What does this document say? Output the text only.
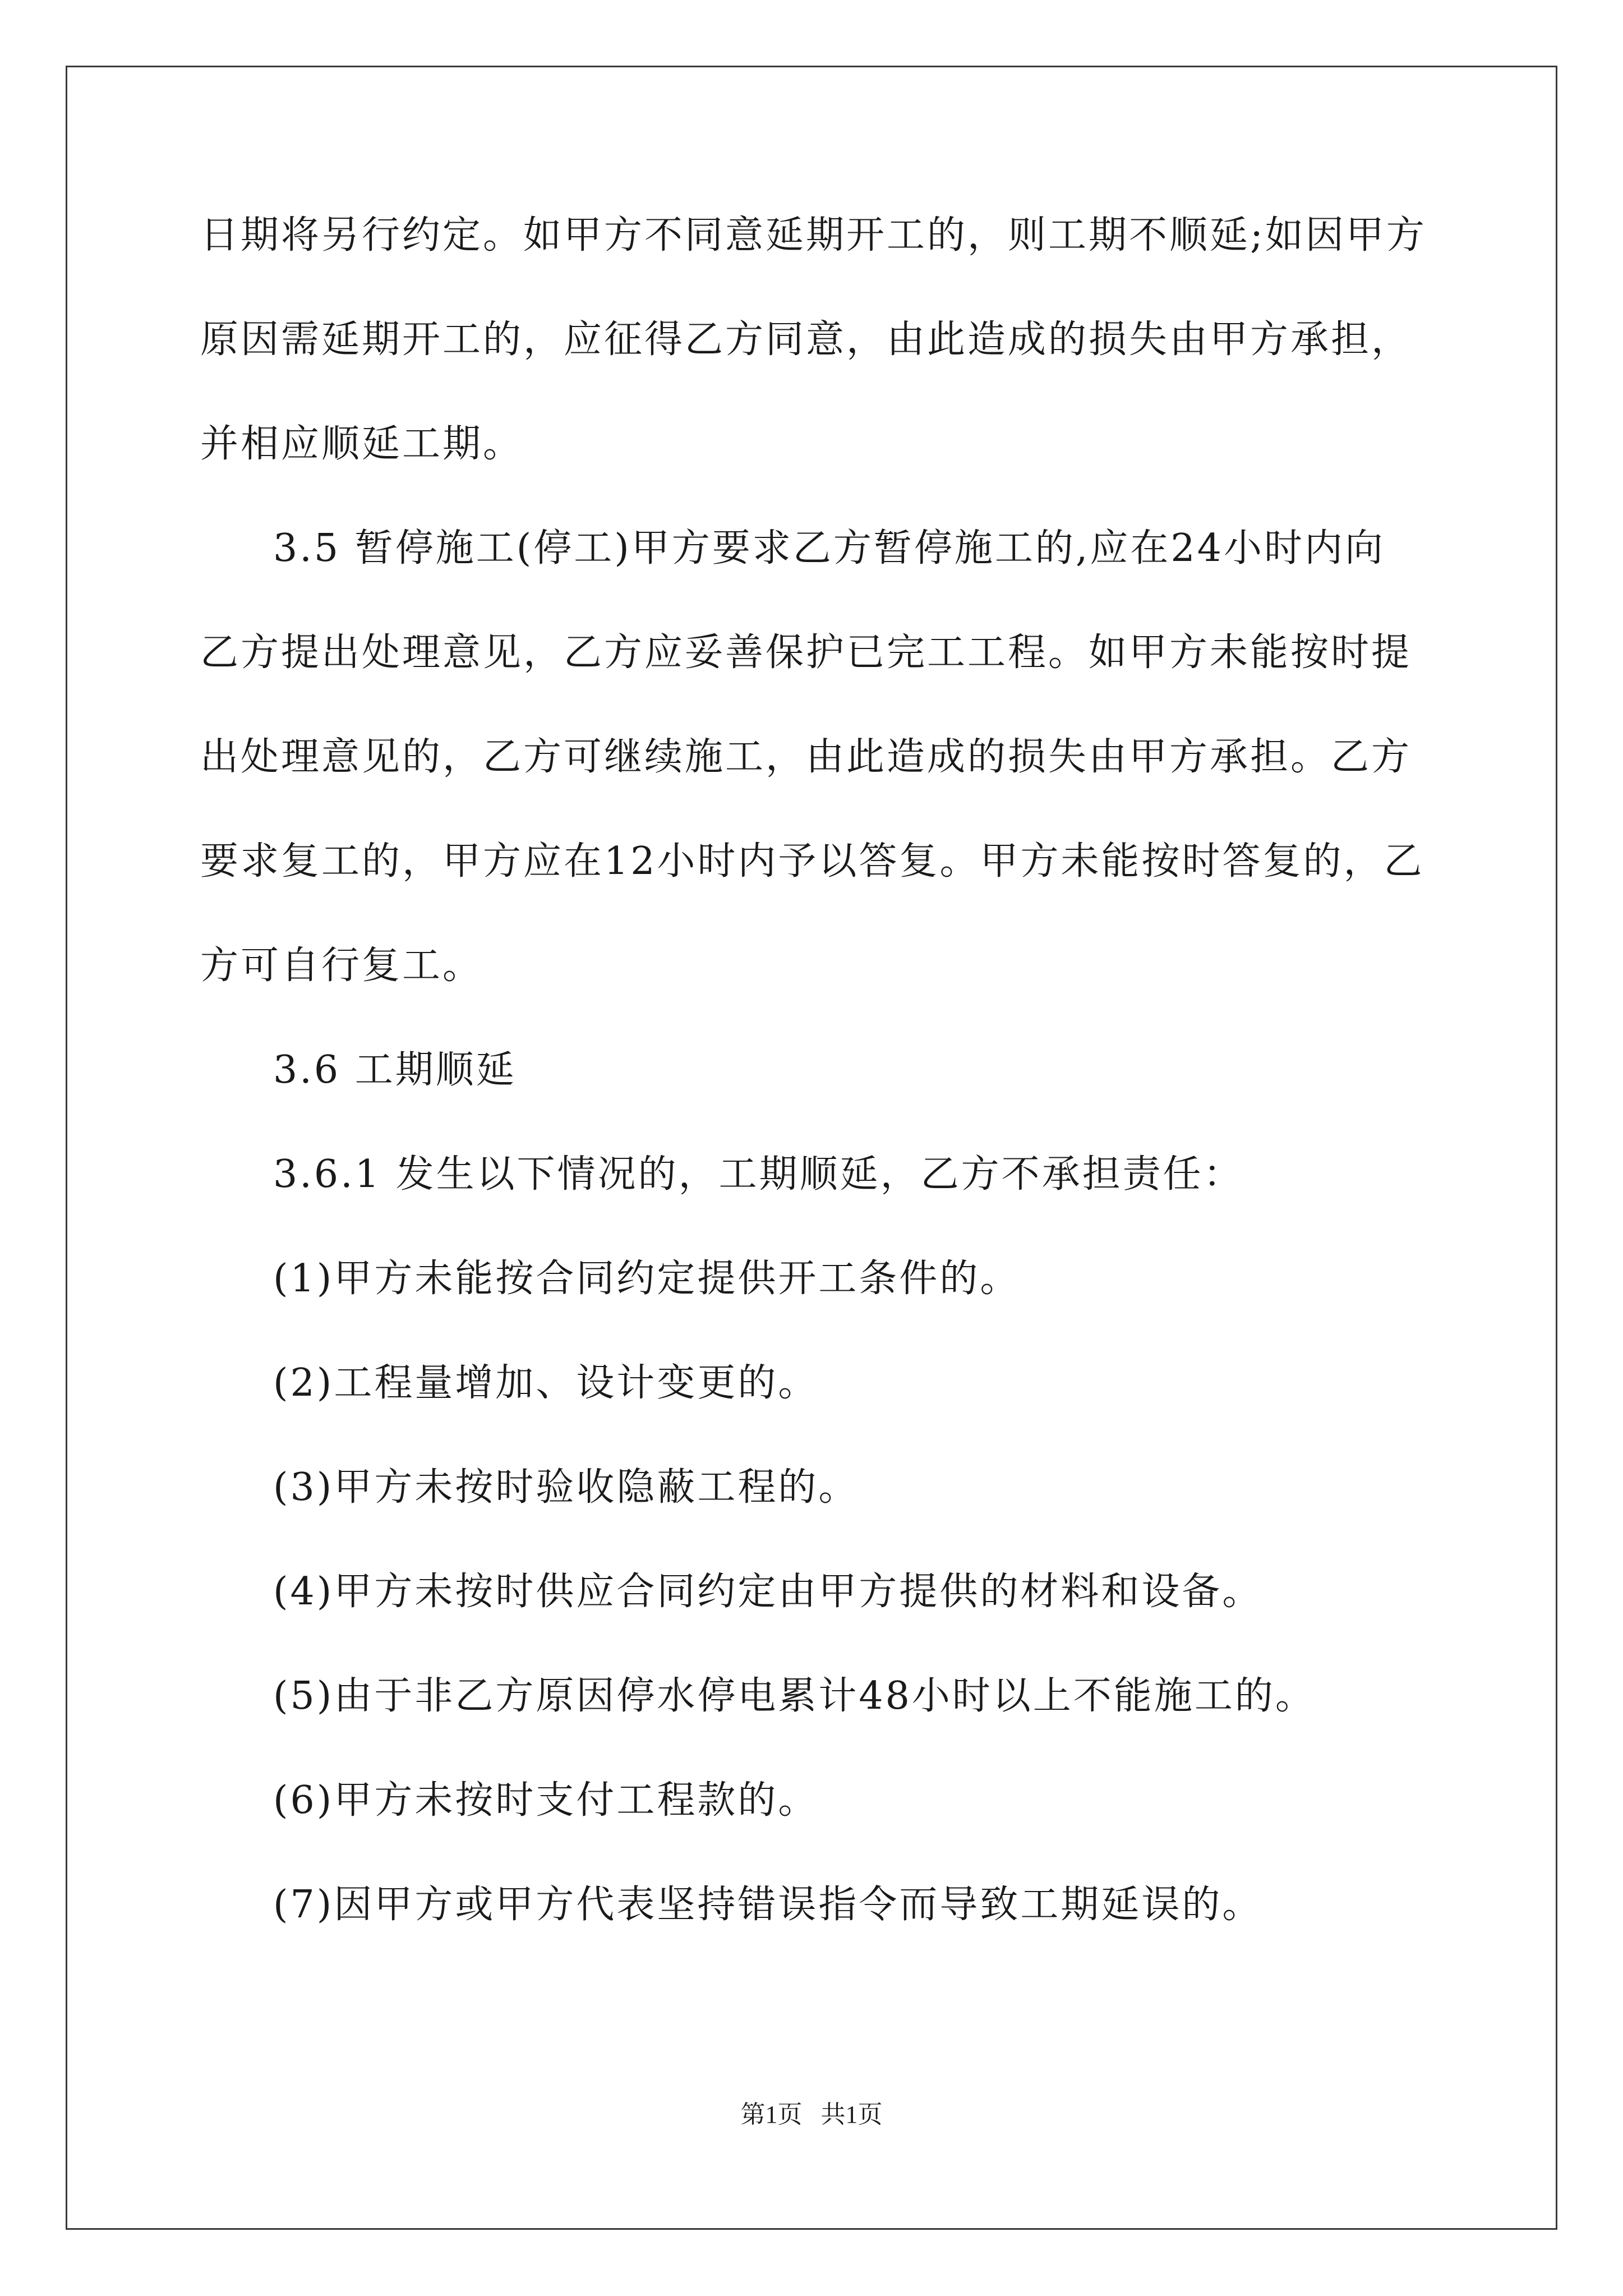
日期将另行约定。如甲方不同意延期开工的，则工期不顺延;如因甲方
原因需延期开工的，应征得乙方同意，由此造成的损失由甲方承担，
并相应顺延工期。
3.5 暂停施工(停工)甲方要求乙方暂停施工的,应在24小时内向
乙方提出处理意见，乙方应妥善保护已完工工程。如甲方未能按时提
出处理意见的，乙方可继续施工，由此造成的损失由甲方承担。乙方
要求复工的，甲方应在12小时内予以答复。甲方未能按时答复的，乙
方可自行复工。
3.6 工期顺延
3.6.1 发生以下情况的，工期顺延，乙方不承担责任：
(1)甲方未能按合同约定提供开工条件的。
(2)工程量增加、设计变更的。
(3)甲方未按时验收隐蔽工程的。
(4)甲方未按时供应合同约定由甲方提供的材料和设备。
(5)由于非乙方原因停水停电累计48小时以上不能施工的。
(6)甲方未按时支付工程款的。
(7)因甲方或甲方代表坚持错误指令而导致工期延误的。
第1页   共1页
